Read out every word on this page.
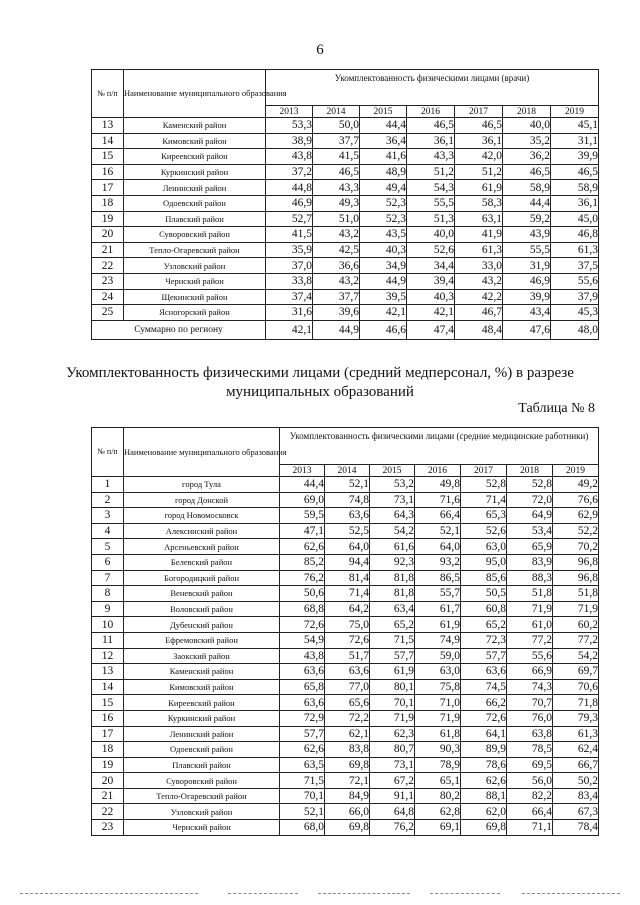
6
№ п/п	Наименование муниципального образования	Укомплектованность физическими лицами (врачи)						
		2013	2014	2015	2016	2017	2018	2019
13	Каменский район	53,3	50,0	44,4	46,5	46,5	40,0	45,1
14	Кимовский район	38,9	37,7	36,4	36,1	36,1	35,2	31,1
15	Киреевский район	43,8	41,5	41,6	43,3	42,0	36,2	39,9
16	Куркинский район	37,2	46,5	48,9	51,2	51,2	46,5	46,5
17	Ленинский район	44,8	43,3	49,4	54,3	61,9	58,9	58,9
18	Одоевский район	46,9	49,3	52,3	55,5	58,3	44,4	36,1
19	Плавский район	52,7	51,0	52,3	51,3	63,1	59,2	45,0
20	Суворовский район	41,5	43,2	43,5	40,0	41,9	43,9	46,8
21	Тепло-Огаревский район	35,9	42,5	40,3	52,6	61,3	55,5	61,3
22	Узловский район	37,0	36,6	34,9	34,4	33,0	31,9	37,5
23	Чернский район	33,8	43,2	44,9	39,4	43,2	46,9	55,6
24	Щекинский район	37,4	37,7	39,5	40,3	42,2	39,9	37,9
25	Ясногорский район	31,6	39,6	42,1	42,1	46,7	43,4	45,3
Суммарно по региону		42,1	44,9	46,6	47,4	48,4	47,6	48,0
Укомплектованность физическими лицами (средний медперсонал, %) в разрезе муниципальных образований
Таблица № 8
№ п/п	Наименование муниципального образования	Укомплектованность физическими лицами (средние медицинские работники)						
		2013	2014	2015	2016	2017	2018	2019
1	город Тула	44,4	52,1	53,2	49,8	52,8	52,8	49,2
2	город Донской	69,0	74,8	73,1	71,6	71,4	72,0	76,6
3	город Новомосковск	59,5	63,6	64,3	66,4	65,3	64,9	62,9
4	Алексинский район	47,1	52,5	54,2	52,1	52,6	53,4	52,2
5	Арсеньевский район	62,6	64,0	61,6	64,0	63,0	65,9	70,2
6	Белевский район	85,2	94,4	92,3	93,2	95,0	83,9	96,8
7	Богородицкий район	76,2	81,4	81,8	86,5	85,6	88,3	96,8
8	Веневский район	50,6	71,4	81,8	55,7	50,5	51,8	51,8
9	Воловский район	68,8	64,2	63,4	61,7	60,8	71,9	71,9
10	Дубенский район	72,6	75,0	65,2	61,9	65,2	61,0	60,2
11	Ефремовский район	54,9	72,6	71,5	74,9	72,3	77,2	77,2
12	Заокский район	43,8	51,7	57,7	59,0	57,7	55,6	54,2
13	Каменский район	63,6	63,6	61,9	63,0	63,6	66,9	69,7
14	Кимовский район	65,8	77,0	80,1	75,8	74,5	74,3	70,6
15	Киреевский район	63,6	65,6	70,1	71,0	66,2	70,7	71,8
16	Куркинский район	72,9	72,2	71,9	71,9	72,6	76,0	79,3
17	Ленинский район	57,7	62,1	62,3	61,8	64,1	63,8	61,3
18	Одоевский район	62,6	83,8	80,7	90,3	89,9	78,5	62,4
19	Плавский район	63,5	69,8	73,1	78,9	78,6	69,5	66,7
20	Суворовский район	71,5	72,1	67,2	65,1	62,6	56,0	50,2
21	Тепло-Огаревский район	70,1	84,9	91,1	80,2	88,1	82,2	83,4
22	Узловский район	52,1	66,0	64,8	62,8	62,0	66,4	67,3
23	Чернский район	68,0	69,8	76,2	69,1	69,8	71,1	78,4
